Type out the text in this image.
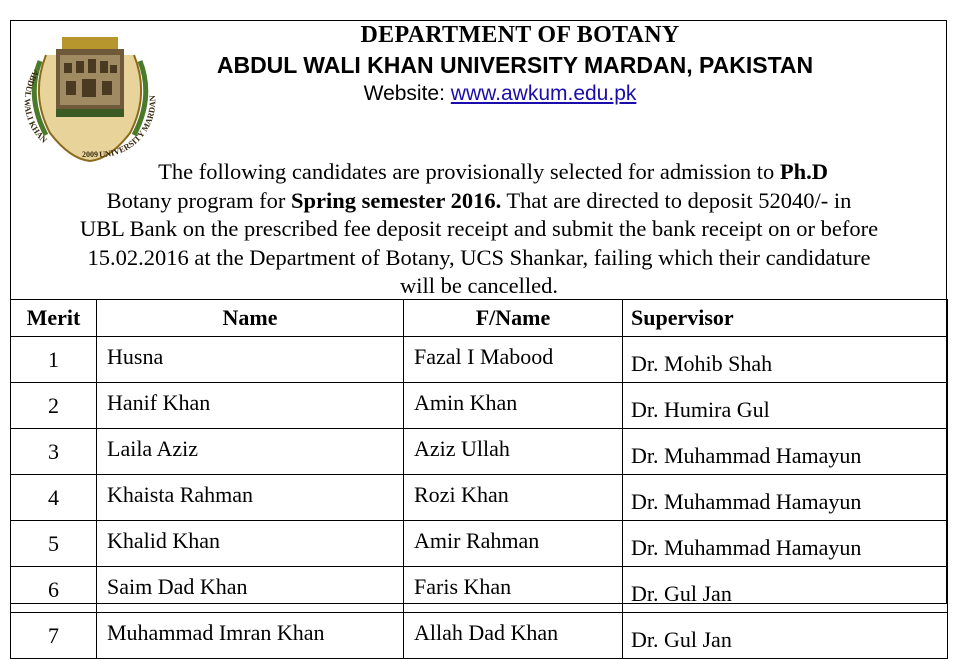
ABDUL WALI KHAN
UNIVERSITY MARDAN
2009
DEPARTMENT OF BOTANY
ABDUL WALI KHAN UNIVERSITY MARDAN, PAKISTAN
Website: www.awkum.edu.pk

The following candidates are provisionally selected for admission to Ph.D

Botany program for Spring semester 2016. That are directed to deposit 52040/- in

UBL Bank on the prescribed fee deposit receipt and submit the bank receipt on or before

15.02.2016 at the Department of Botany, UCS Shankar, failing which their candidature

will be cancelled.

Merit	Name	F/Name	Supervisor
1	Husna	Fazal I Mabood	Dr. Mohib Shah
2	Hanif Khan	Amin Khan	Dr. Humira Gul
3	Laila Aziz	Aziz Ullah	Dr. Muhammad Hamayun
4	Khaista Rahman	Rozi Khan	Dr. Muhammad Hamayun
5	Khalid Khan	Amir Rahman	Dr. Muhammad Hamayun
6	Saim Dad Khan	Faris Khan	Dr. Gul Jan
7	Muhammad Imran Khan	Allah Dad Khan	Dr. Gul Jan
